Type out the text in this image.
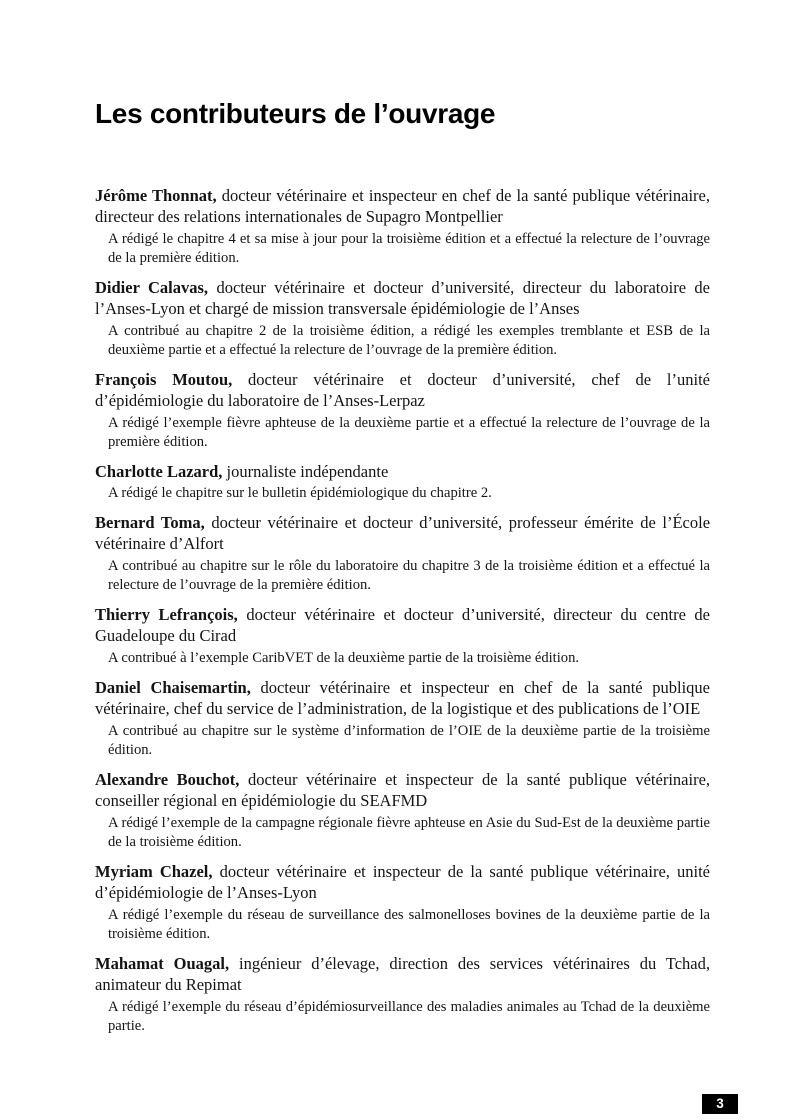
Les contributeurs de l’ouvrage

Jérôme Thonnat, docteur vétérinaire et inspecteur en chef de la santé publique vétérinaire, directeur des relations internationales de Supagro Montpellier

A rédigé le chapitre 4 et sa mise à jour pour la troisième édition et a effectué la relecture de l’ouvrage de la première édition.

Didier Calavas, docteur vétérinaire et docteur d’université, directeur du laboratoire de l’Anses-Lyon et chargé de mission transversale épidémiologie de l’Anses

A contribué au chapitre 2 de la troisième édition, a rédigé les exemples tremblante et ESB de la deuxième partie et a effectué la relecture de l’ouvrage de la première édition.

François Moutou, docteur vétérinaire et docteur d’université, chef de l’unité d’épidémiologie du laboratoire de l’Anses-Lerpaz

A rédigé l’exemple fièvre aphteuse de la deuxième partie et a effectué la relecture de l’ouvrage de la première édition.

Charlotte Lazard, journaliste indépendante

A rédigé le chapitre sur le bulletin épidémiologique du chapitre 2.

Bernard Toma, docteur vétérinaire et docteur d’université, professeur émérite de l’École vétérinaire d’Alfort

A contribué au chapitre sur le rôle du laboratoire du chapitre 3 de la troisième édition et a effectué la relecture de l’ouvrage de la première édition.

Thierry Lefrançois, docteur vétérinaire et docteur d’université, directeur du centre de Guadeloupe du Cirad

A contribué à l’exemple CaribVET de la deuxième partie de la troisième édition.

Daniel Chaisemartin, docteur vétérinaire et inspecteur en chef de la santé publique vétérinaire, chef du service de l’administration, de la logistique et des publications de l’OIE

A contribué au chapitre sur le système d’information de l’OIE de la deuxième partie de la troisième édition.

Alexandre Bouchot, docteur vétérinaire et inspecteur de la santé publique vétérinaire, conseiller régional en épidémiologie du SEAFMD

A rédigé l’exemple de la campagne régionale fièvre aphteuse en Asie du Sud-Est de la deuxième partie de la troisième édition.

Myriam Chazel, docteur vétérinaire et inspecteur de la santé publique vétérinaire, unité d’épidémiologie de l’Anses-Lyon

A rédigé l’exemple du réseau de surveillance des salmonelloses bovines de la deuxième partie de la troisième édition.

Mahamat Ouagal, ingénieur d’élevage, direction des services vétérinaires du Tchad, animateur du Repimat

A rédigé l’exemple du réseau d’épidémiosurveillance des maladies animales au Tchad de la deuxième partie.

3
